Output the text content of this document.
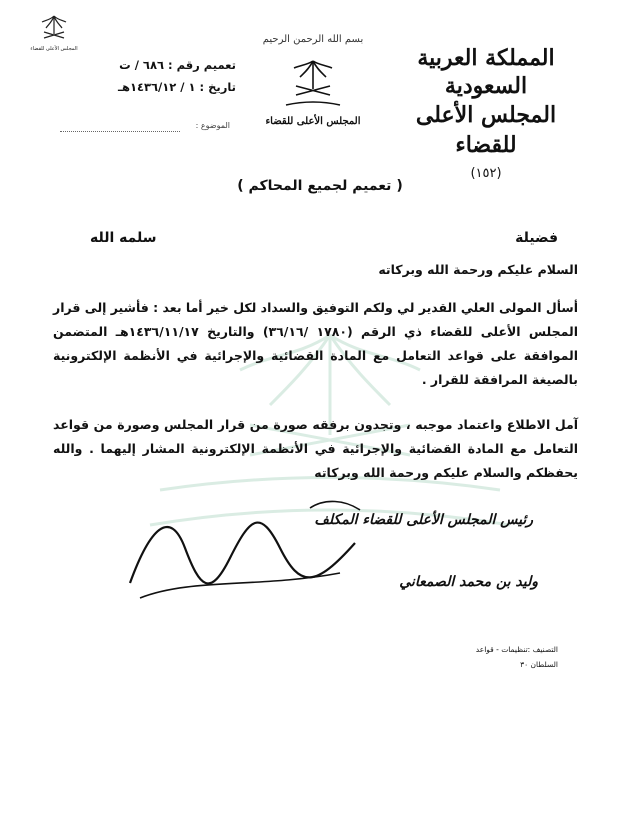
المجلس الأعلى للقضاء	المملكة العربية السعودية
المجلس الأعلى للقضاء
(١٥٢)
بسم الله الرحمن الرحيم
المجلس الأعلى للقضاء
تعميم رقم : ٦٨٦ / ت
تاريخ : ١ / ١٤٣٦/١٢هـ
الموضوع :
( تعميم لجميع المحاكم )
فضيلة
سلمه الله
السلام عليكم ورحمة الله وبركاته
أسأل المولى العلي القدير لي ولكم التوفيق والسداد لكل خير أما بعد : فأشير إلى قرار المجلس الأعلى للقضاء ذي الرقم (١٧٨٠ /٣٦/١٦) والتاريخ ١٤٣٦/١١/١٧هـ المتضمن الموافقة على قواعد التعامل مع المادة القضائية والإجرائية في الأنظمة الإلكترونية بالصيغة المرافقة للقرار .
آمل الاطلاع واعتماد موجبه ، وتجدون برفقه صورة من قرار المجلس وصورة من قواعد التعامل مع المادة القضائية والإجرائية في الأنظمة الإلكترونية المشار إليهما . والله يحفظكم والسلام عليكم ورحمة الله وبركاته
رئيس المجلس الأعلى للقضاء المكلف
وليد بن محمد الصمعاني
التصنيف :تنظيمات - قواعد
السلطان ٣٠
